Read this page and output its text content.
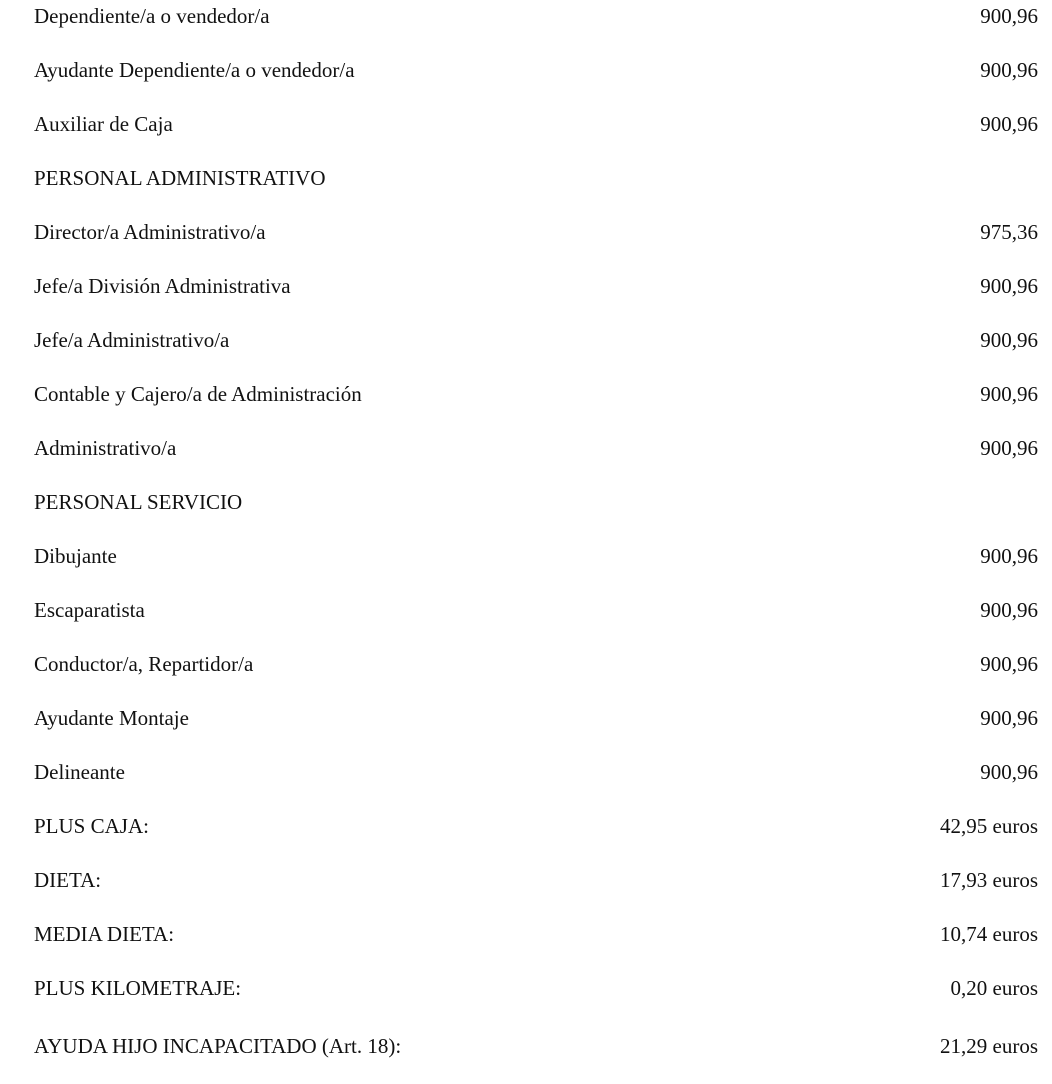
Dependiente/a o vendedor/a	900,96
Ayudante Dependiente/a o vendedor/a	900,96
Auxiliar de Caja	900,96
PERSONAL ADMINISTRATIVO
Director/a Administrativo/a	975,36
Jefe/a División Administrativa	900,96
Jefe/a Administrativo/a	900,96
Contable y Cajero/a de Administración	900,96
Administrativo/a	900,96
PERSONAL SERVICIO
Dibujante	900,96
Escaparatista	900,96
Conductor/a, Repartidor/a	900,96
Ayudante Montaje	900,96
Delineante	900,96
PLUS CAJA:	42,95 euros
DIETA:	17,93 euros
MEDIA DIETA:	10,74 euros
PLUS KILOMETRAJE:	0,20 euros
AYUDA HIJO INCAPACITADO (Art. 18):	21,29 euros
